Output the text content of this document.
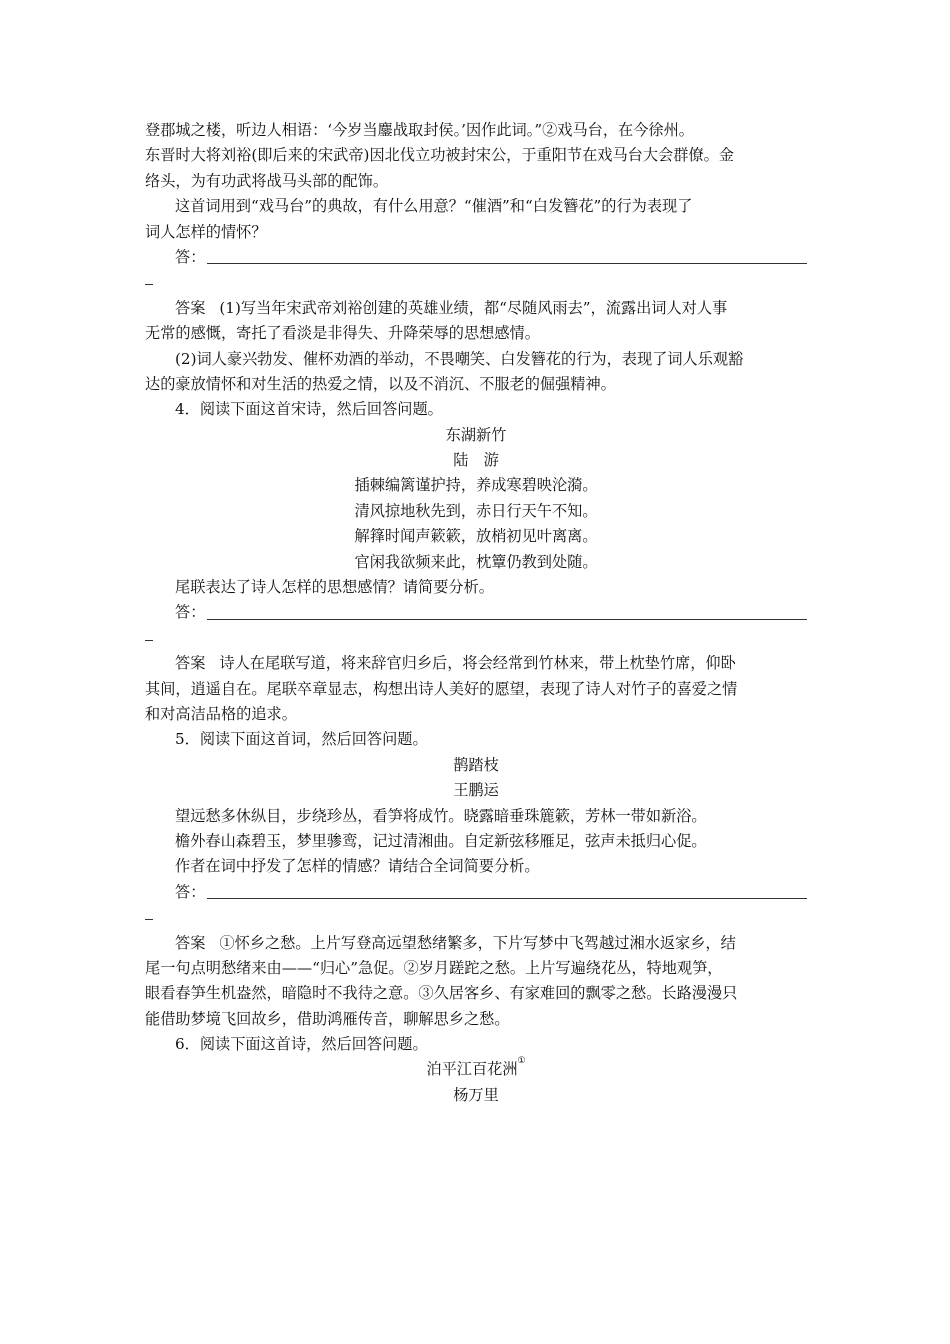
登郡城之楼，听边人相语：‘今岁当鏖战取封侯。’因作此词。”②戏马台，在今徐州。
东晋时大将刘裕(即后来的宋武帝)因北伐立功被封宋公，于重阳节在戏马台大会群僚。金
络头，为有功武将战马头部的配饰。
这首词用到“戏马台”的典故，有什么用意？“催酒”和“白发簪花”的行为表现了
词人怎样的情怀？
答：
答案 (1)写当年宋武帝刘裕创建的英雄业绩，都“尽随风雨去”，流露出词人对人事
无常的感慨，寄托了看淡是非得失、升降荣辱的思想感情。
(2)词人豪兴勃发、催杯劝酒的举动，不畏嘲笑、白发簪花的行为，表现了词人乐观豁
达的豪放情怀和对生活的热爱之情，以及不消沉、不服老的倔强精神。
4．阅读下面这首宋诗，然后回答问题。
东湖新竹
陆　游
插棘编篱谨护持，养成寒碧映沦漪。
清风掠地秋先到，赤日行天午不知。
解箨时闻声簌簌，放梢初见叶离离。
官闲我欲频来此，枕簟仍教到处随。
尾联表达了诗人怎样的思想感情？请简要分析。
答：
答案 诗人在尾联写道，将来辞官归乡后，将会经常到竹林来，带上枕垫竹席，仰卧
其间，逍遥自在。尾联卒章显志，构想出诗人美好的愿望，表现了诗人对竹子的喜爱之情
和对高洁品格的追求。
5．阅读下面这首词，然后回答问题。
鹊踏枝
王鹏运
望远愁多休纵目，步绕珍丛，看笋将成竹。晓露暗垂珠簏簌，芳林一带如新浴。
檐外春山森碧玉，梦里骖鸾，记过清湘曲。自定新弦移雁足，弦声未抵归心促。
作者在词中抒发了怎样的情感？请结合全词简要分析。
答：
答案 ①怀乡之愁。上片写登高远望愁绪繁多，下片写梦中飞驾越过湘水返家乡，结
尾一句点明愁绪来由——“归心”急促。②岁月蹉跎之愁。上片写遍绕花丛，特地观笋，
眼看春笋生机盎然，暗隐时不我待之意。③久居客乡、有家难回的飘零之愁。长路漫漫只
能借助梦境飞回故乡，借助鸿雁传音，聊解思乡之愁。
6．阅读下面这首诗，然后回答问题。
泊平江百花洲①
杨万里
